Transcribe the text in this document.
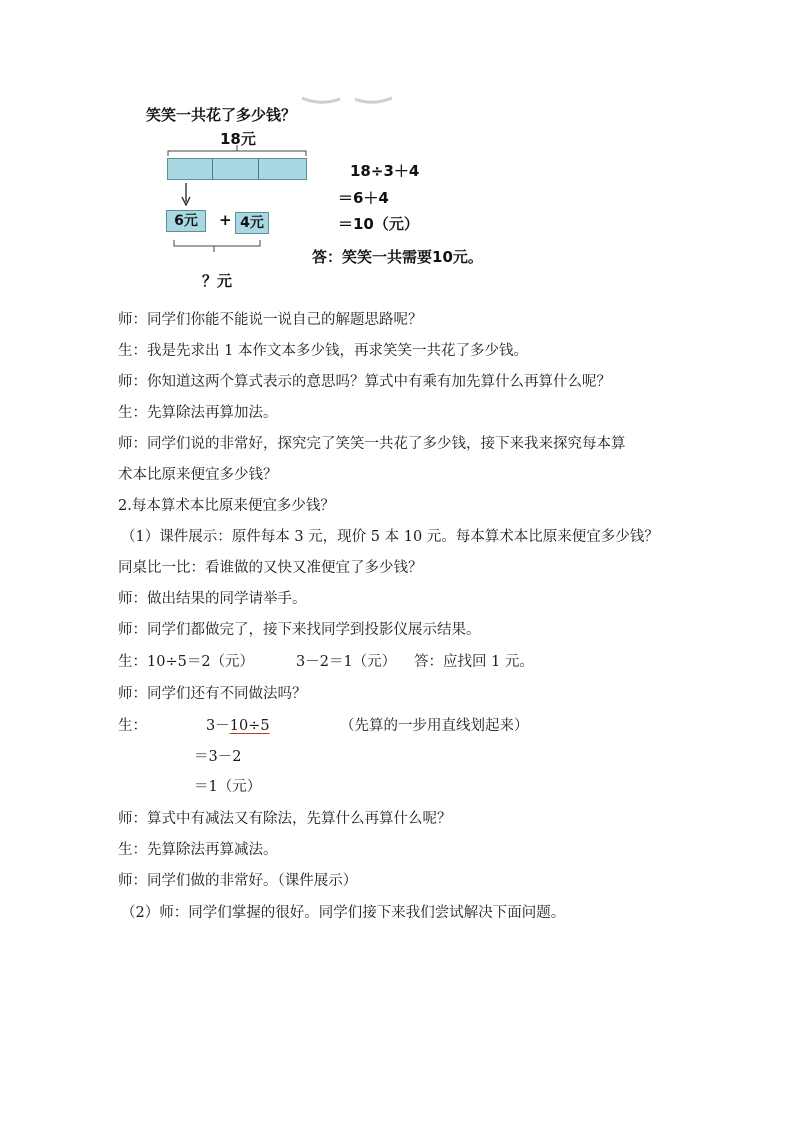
笑笑一共花了多少钱？
18元
6元	+ 4元
？元
18÷3＋4
＝6＋4
＝10（元）
答：笑笑一共需要10元。
师：同学们你能不能说一说自己的解题思路呢？
生：我是先求出 1 本作文本多少钱，再求笑笑一共花了多少钱。
师：你知道这两个算式表示的意思吗？算式中有乘有加先算什么再算什么呢？
生：先算除法再算加法。
师：同学们说的非常好，探究完了笑笑一共花了多少钱，接下来我来探究每本算
术本比原来便宜多少钱？
2.每本算术本比原来便宜多少钱？
（1）课件展示：原件每本 3 元，现价 5 本 10 元。每本算术本比原来便宜多少钱？
同桌比一比：看谁做的又快又准便宜了多少钱？
师：做出结果的同学请举手。
师：同学们都做完了，接下来找同学到投影仪展示结果。
生：10÷5＝2（元）	3－2＝1（元） 答：应找回 1 元。
师：同学们还有不同做法吗？
生：	3－10÷5	（先算的一步用直线划起来）
＝3－2
＝1（元）
师：算式中有减法又有除法，先算什么再算什么呢？
生：先算除法再算减法。
师：同学们做的非常好。（课件展示）
（2）师：同学们掌握的很好。同学们接下来我们尝试解决下面问题。
